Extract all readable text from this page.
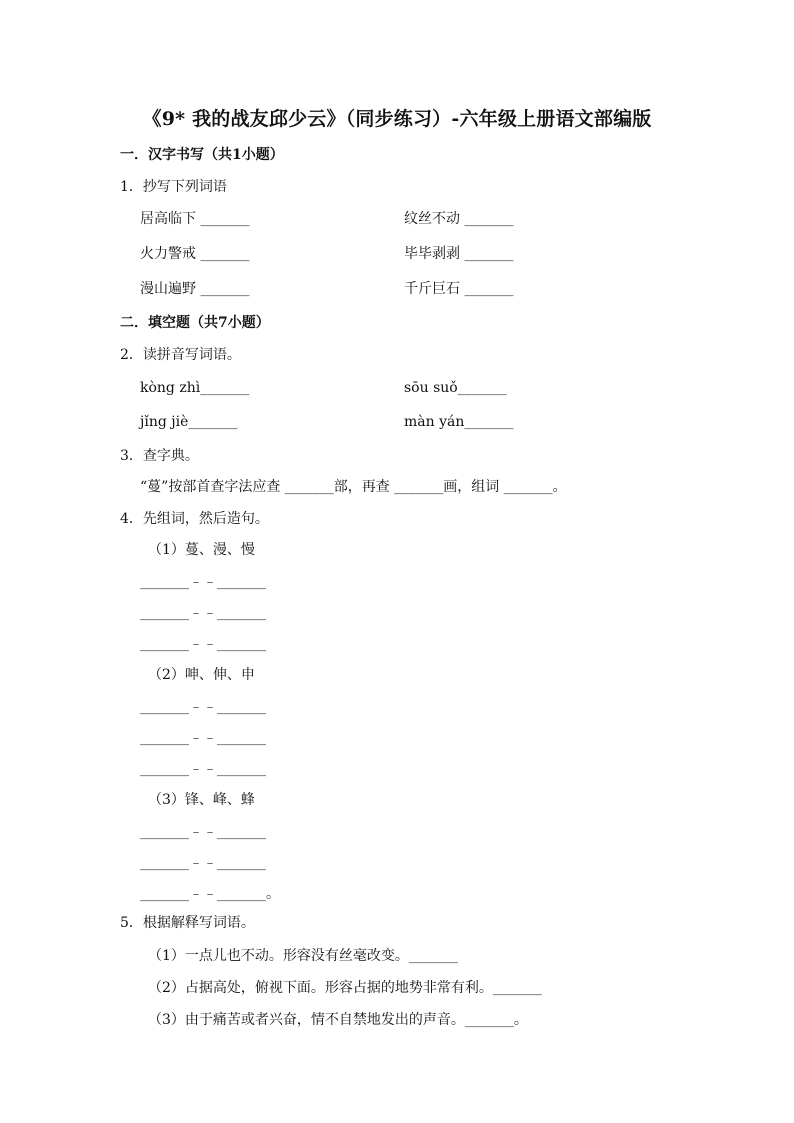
《9* 我的战友邱少云》（同步练习）-六年级上册语文部编版
一．汉字书写（共1小题）
1．抄写下列词语
居高临下 _______	纹丝不动 _______
火力警戒 _______	毕毕剥剥 _______
漫山遍野 _______	千斤巨石 _______
二．填空题（共7小题）
2．读拼音写词语。
kòng zhì_______	sōu suǒ_______
jǐng jiè_______	màn yán_______
3．查字典。
“蔓”按部首查字法应查 _______部，再查 _______画，组词 _______。
4．先组词，然后造句。
（1）蔓、漫、慢
_______﹣﹣_______
_______﹣﹣_______
_______﹣﹣_______
（2）呻、伸、申
_______﹣﹣_______
_______﹣﹣_______
_______﹣﹣_______
（3）锋、峰、蜂
_______﹣﹣_______
_______﹣﹣_______
_______﹣﹣_______。
5．根据解释写词语。
（1）一点儿也不动。形容没有丝毫改变。_______
（2）占据高处，俯视下面。形容占据的地势非常有利。_______
（3）由于痛苦或者兴奋，情不自禁地发出的声音。_______。
